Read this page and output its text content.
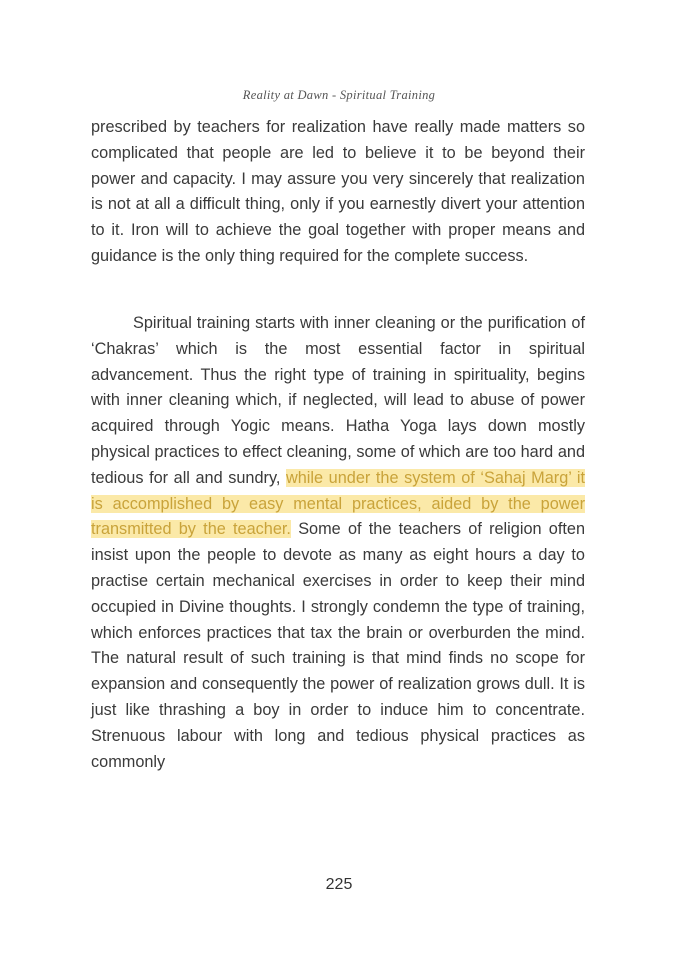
Reality at Dawn - Spiritual Training
prescribed by teachers for realization have really made matters so complicated that people are led to believe it to be beyond their power and capacity. I may assure you very sincerely that realization is not at all a difficult thing, only if you earnestly divert your attention to it. Iron will to achieve the goal together with proper means and guidance is the only thing required for the complete success.
Spiritual training starts with inner cleaning or the purification of ‘Chakras’ which is the most essential factor in spiritual advancement. Thus the right type of training in spirituality, begins with inner cleaning which, if neglected, will lead to abuse of power acquired through Yogic means. Hatha Yoga lays down mostly physical practices to effect cleaning, some of which are too hard and tedious for all and sundry, while under the system of ‘Sahaj Marg’ it is accomplished by easy mental practices, aided by the power transmitted by the teacher. Some of the teachers of religion often insist upon the people to devote as many as eight hours a day to practise certain mechanical exercises in order to keep their mind occupied in Divine thoughts. I strongly condemn the type of training, which enforces practices that tax the brain or overburden the mind. The natural result of such training is that mind finds no scope for expansion and consequently the power of realization grows dull. It is just like thrashing a boy in order to induce him to concentrate. Strenuous labour with long and tedious physical practices as commonly
225
